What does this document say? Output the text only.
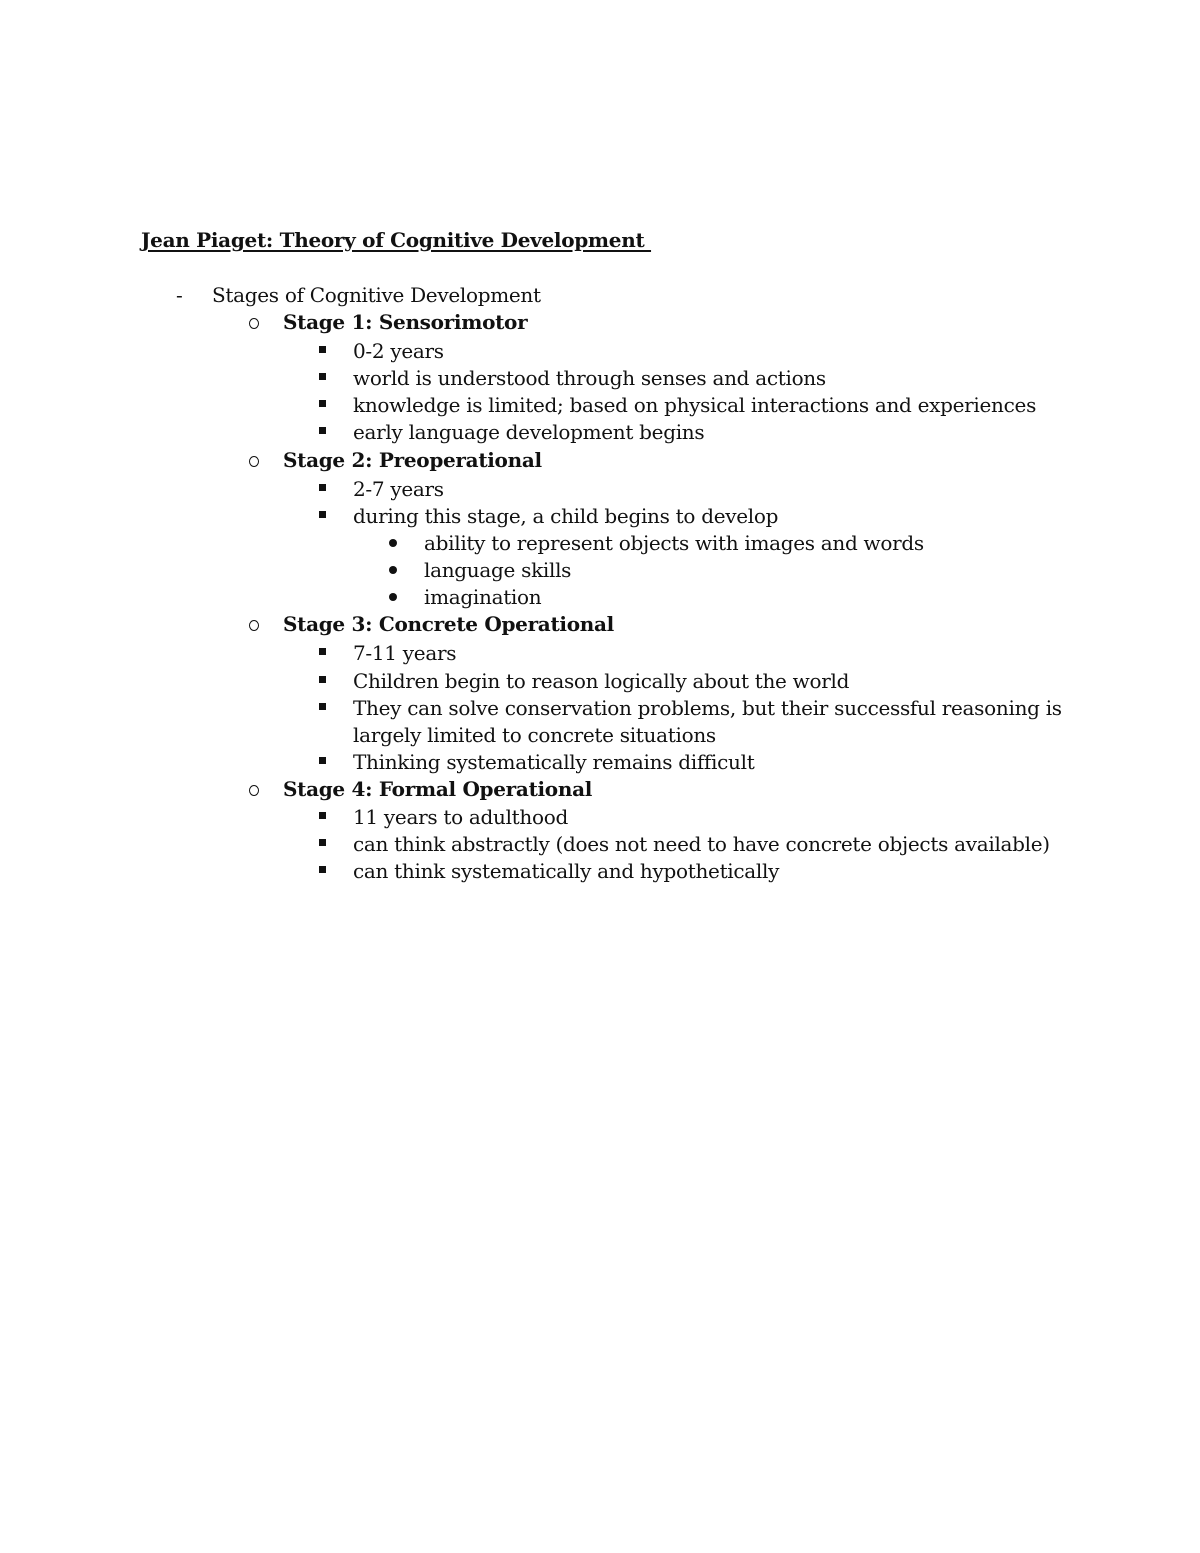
Jean Piaget: Theory of Cognitive Development
- Stages of Cognitive Development
Stage 1: Sensorimotor
0-2 years
world is understood through senses and actions
knowledge is limited; based on physical interactions and experiences
early language development begins
Stage 2: Preoperational
2-7 years
during this stage, a child begins to develop
ability to represent objects with images and words
language skills
imagination
Stage 3: Concrete Operational
7-11 years
Children begin to reason logically about the world
They can solve conservation problems, but their successful reasoning is
largely limited to concrete situations
Thinking systematically remains difficult
Stage 4: Formal Operational
11 years to adulthood
can think abstractly (does not need to have concrete objects available)
can think systematically and hypothetically
